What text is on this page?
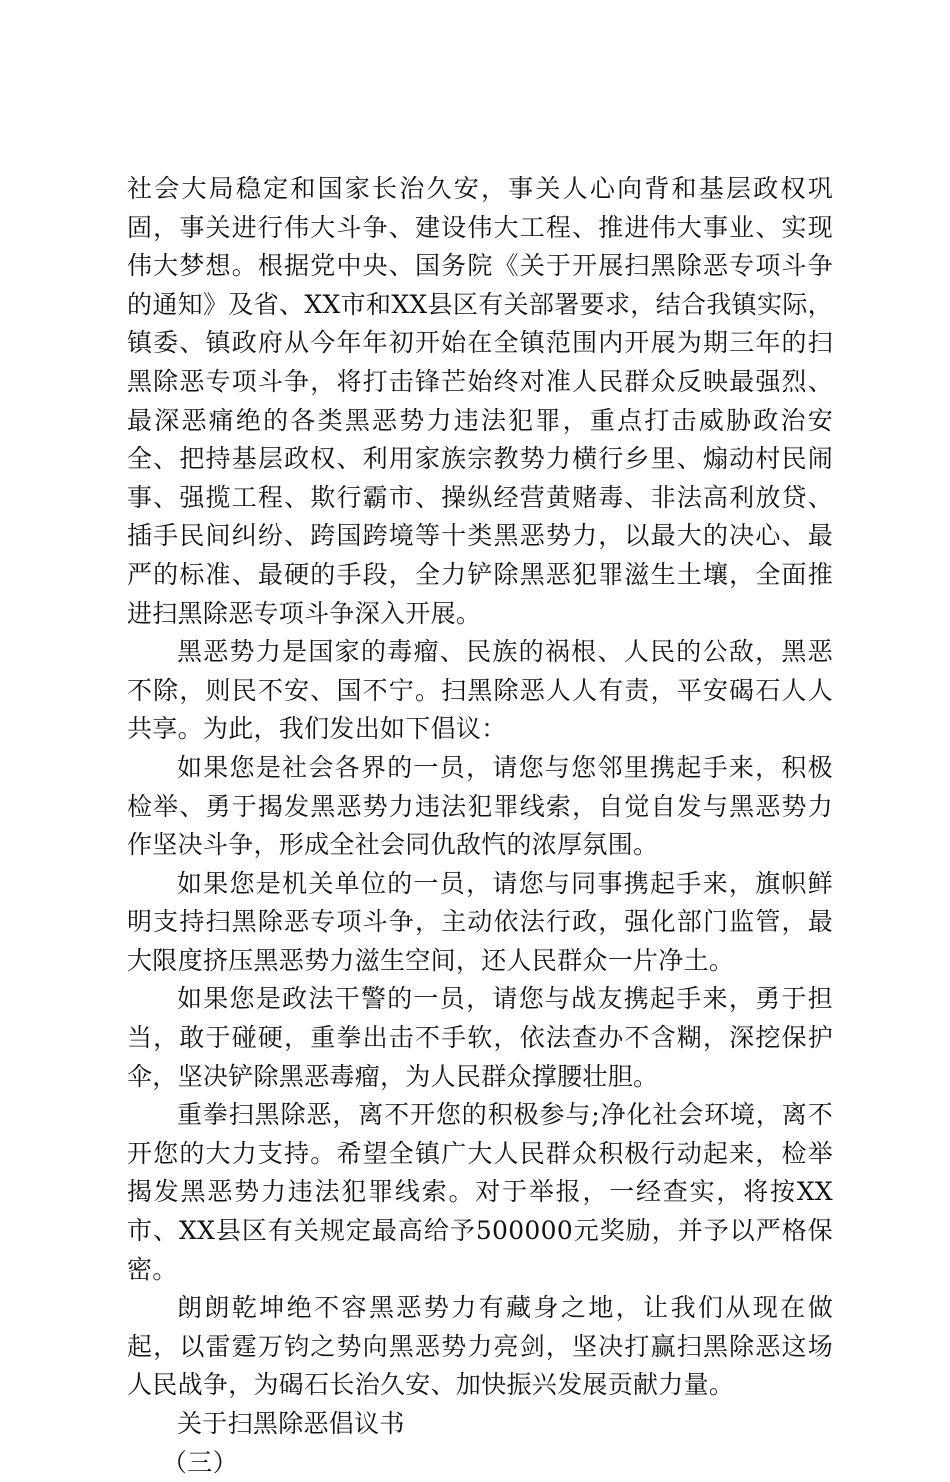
社会大局稳定和国家长治久安，事关人心向背和基层政权巩固，事关进行伟大斗争、建设伟大工程、推进伟大事业、实现伟大梦想。根据党中央、国务院《关于开展扫黑除恶专项斗争的通知》及省、XX市和XX县区有关部署要求，结合我镇实际，镇委、镇政府从今年年初开始在全镇范围内开展为期三年的扫黑除恶专项斗争，将打击锋芒始终对准人民群众反映最强烈、最深恶痛绝的各类黑恶势力违法犯罪，重点打击威胁政治安全、把持基层政权、利用家族宗教势力横行乡里、煽动村民闹事、强揽工程、欺行霸市、操纵经营黄赌毒、非法高利放贷、插手民间纠纷、跨国跨境等十类黑恶势力，以最大的决心、最严的标准、最硬的手段，全力铲除黑恶犯罪滋生土壤，全面推进扫黑除恶专项斗争深入开展。

黑恶势力是国家的毒瘤、民族的祸根、人民的公敌，黑恶不除，则民不安、国不宁。扫黑除恶人人有责，平安碣石人人共享。为此，我们发出如下倡议：

如果您是社会各界的一员，请您与您邻里携起手来，积极检举、勇于揭发黑恶势力违法犯罪线索，自觉自发与黑恶势力作坚决斗争，形成全社会同仇敌忾的浓厚氛围。

如果您是机关单位的一员，请您与同事携起手来，旗帜鲜明支持扫黑除恶专项斗争，主动依法行政，强化部门监管，最大限度挤压黑恶势力滋生空间，还人民群众一片净土。

如果您是政法干警的一员，请您与战友携起手来，勇于担当，敢于碰硬，重拳出击不手软，依法查办不含糊，深挖保护伞，坚决铲除黑恶毒瘤，为人民群众撑腰壮胆。

重拳扫黑除恶，离不开您的积极参与;净化社会环境，离不开您的大力支持。希望全镇广大人民群众积极行动起来，检举揭发黑恶势力违法犯罪线索。对于举报，一经查实，将按XX市、XX县区有关规定最高给予500000元奖励，并予以严格保密。

朗朗乾坤绝不容黑恶势力有藏身之地，让我们从现在做起，以雷霆万钧之势向黑恶势力亮剑，坚决打赢扫黑除恶这场人民战争，为碣石长治久安、加快振兴发展贡献力量。

关于扫黑除恶倡议书

（三）
